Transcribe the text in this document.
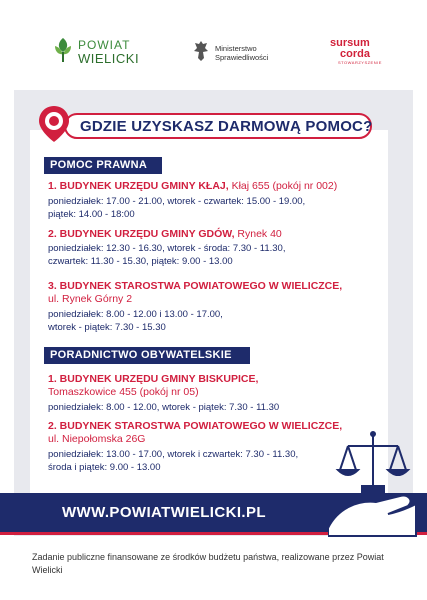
POWIAT
WIELICKI
Ministerstwo
Sprawiedliwości
sursum
corda
STOWARZYSZENIE
GDZIE UZYSKASZ DARMOWĄ POMOC?
POMOC PRAWNA
1. BUDYNEK URZĘDU GMINY KŁAJ, Kłaj 655 (pokój nr 002)
poniedziałek: 17.00 - 21.00, wtorek - czwartek: 15.00 - 19.00,
piątek: 14.00 - 18:00
2. BUDYNEK URZĘDU GMINY GDÓW, Rynek 40
poniedziałek: 12.30 - 16.30, wtorek - środa: 7.30 - 11.30,
czwartek: 11.30 - 15.30, piątek: 9.00 - 13.00
3. BUDYNEK STAROSTWA POWIATOWEGO W WIELICZCE,
ul. Rynek Górny 2
poniedziałek: 8.00 - 12.00 i 13.00 - 17.00,
wtorek - piątek: 7.30 - 15.30
PORADNICTWO OBYWATELSKIE
1. BUDYNEK URZĘDU GMINY BISKUPICE,
Tomaszkowice 455 (pokój nr 05)
poniedziałek: 8.00 - 12.00, wtorek - piątek: 7.30 - 11.30
2. BUDYNEK STAROSTWA POWIATOWEGO W WIELICZCE,
ul. Niepołomska 26G
poniedziałek: 13.00 - 17.00, wtorek i czwartek: 7.30 - 11.30,
środa i piątek: 9.00 - 13.00
WWW.POWIATWIELICKI.PL
Zadanie publiczne finansowane ze środków budżetu państwa, realizowane przez Powiat Wielicki
